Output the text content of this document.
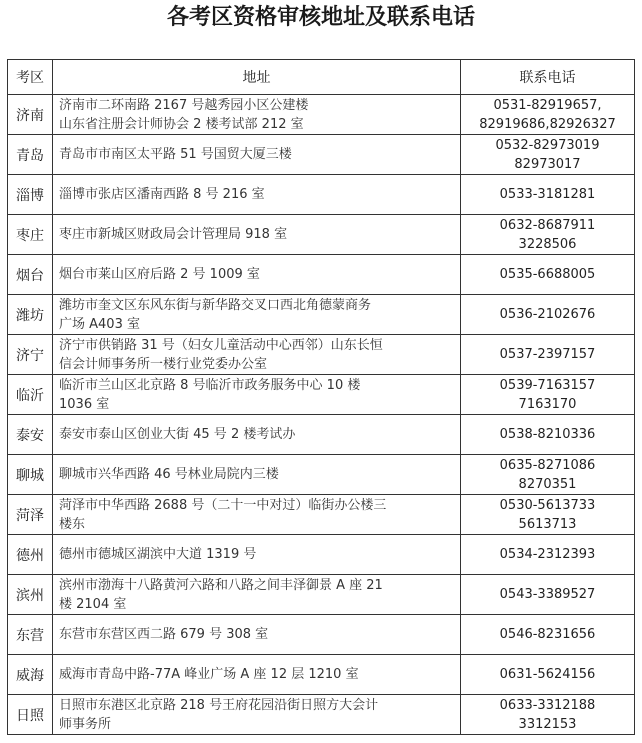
各考区资格审核地址及联系电话
考区	地址	联系电话
济南	济南市二环南路 2167 号越秀园小区公建楼
山东省注册会计师协会 2 楼考试部 212 室	0531-82919657,
82919686,82926327

青岛	青岛市市南区太平路 51 号国贸大厦三楼	0532-82973019
82973017

淄博	淄博市张店区潘南西路 8 号 216 室	0533-3181281

枣庄	枣庄市新城区财政局会计管理局 918 室	0632-8687911
3228506

烟台	烟台市莱山区府后路 2 号 1009 室	0535-6688005

潍坊	潍坊市奎文区东风东街与新华路交叉口西北角德蒙商务
广场 A403 室	0536-2102676

济宁	济宁市供销路 31 号（妇女儿童活动中心西邻）山东长恒
信会计师事务所一楼行业党委办公室	0537-2397157

临沂	临沂市兰山区北京路 8 号临沂市政务服务中心 10 楼
1036 室	0539-7163157
7163170

泰安	泰安市泰山区创业大街 45 号 2 楼考试办	0538-8210336

聊城	聊城市兴华西路 46 号林业局院内三楼	0635-8271086
8270351

菏泽	菏泽市中华西路 2688 号（二十一中对过）临街办公楼三
楼东	0530-5613733
5613713

德州	德州市德城区湖滨中大道 1319 号	0534-2312393

滨州	滨州市渤海十八路黄河六路和八路之间丰泽御景 A 座 21
楼 2104 室	0543-3389527

东营	东营市东营区西二路 679 号 308 室	0546-8231656

威海	威海市青岛中路-77A 峰业广场 A 座 12 层 1210 室	0631-5624156

日照	日照市东港区北京路 218 号王府花园沿街日照方大会计
师事务所	0633-3312188
3312153
